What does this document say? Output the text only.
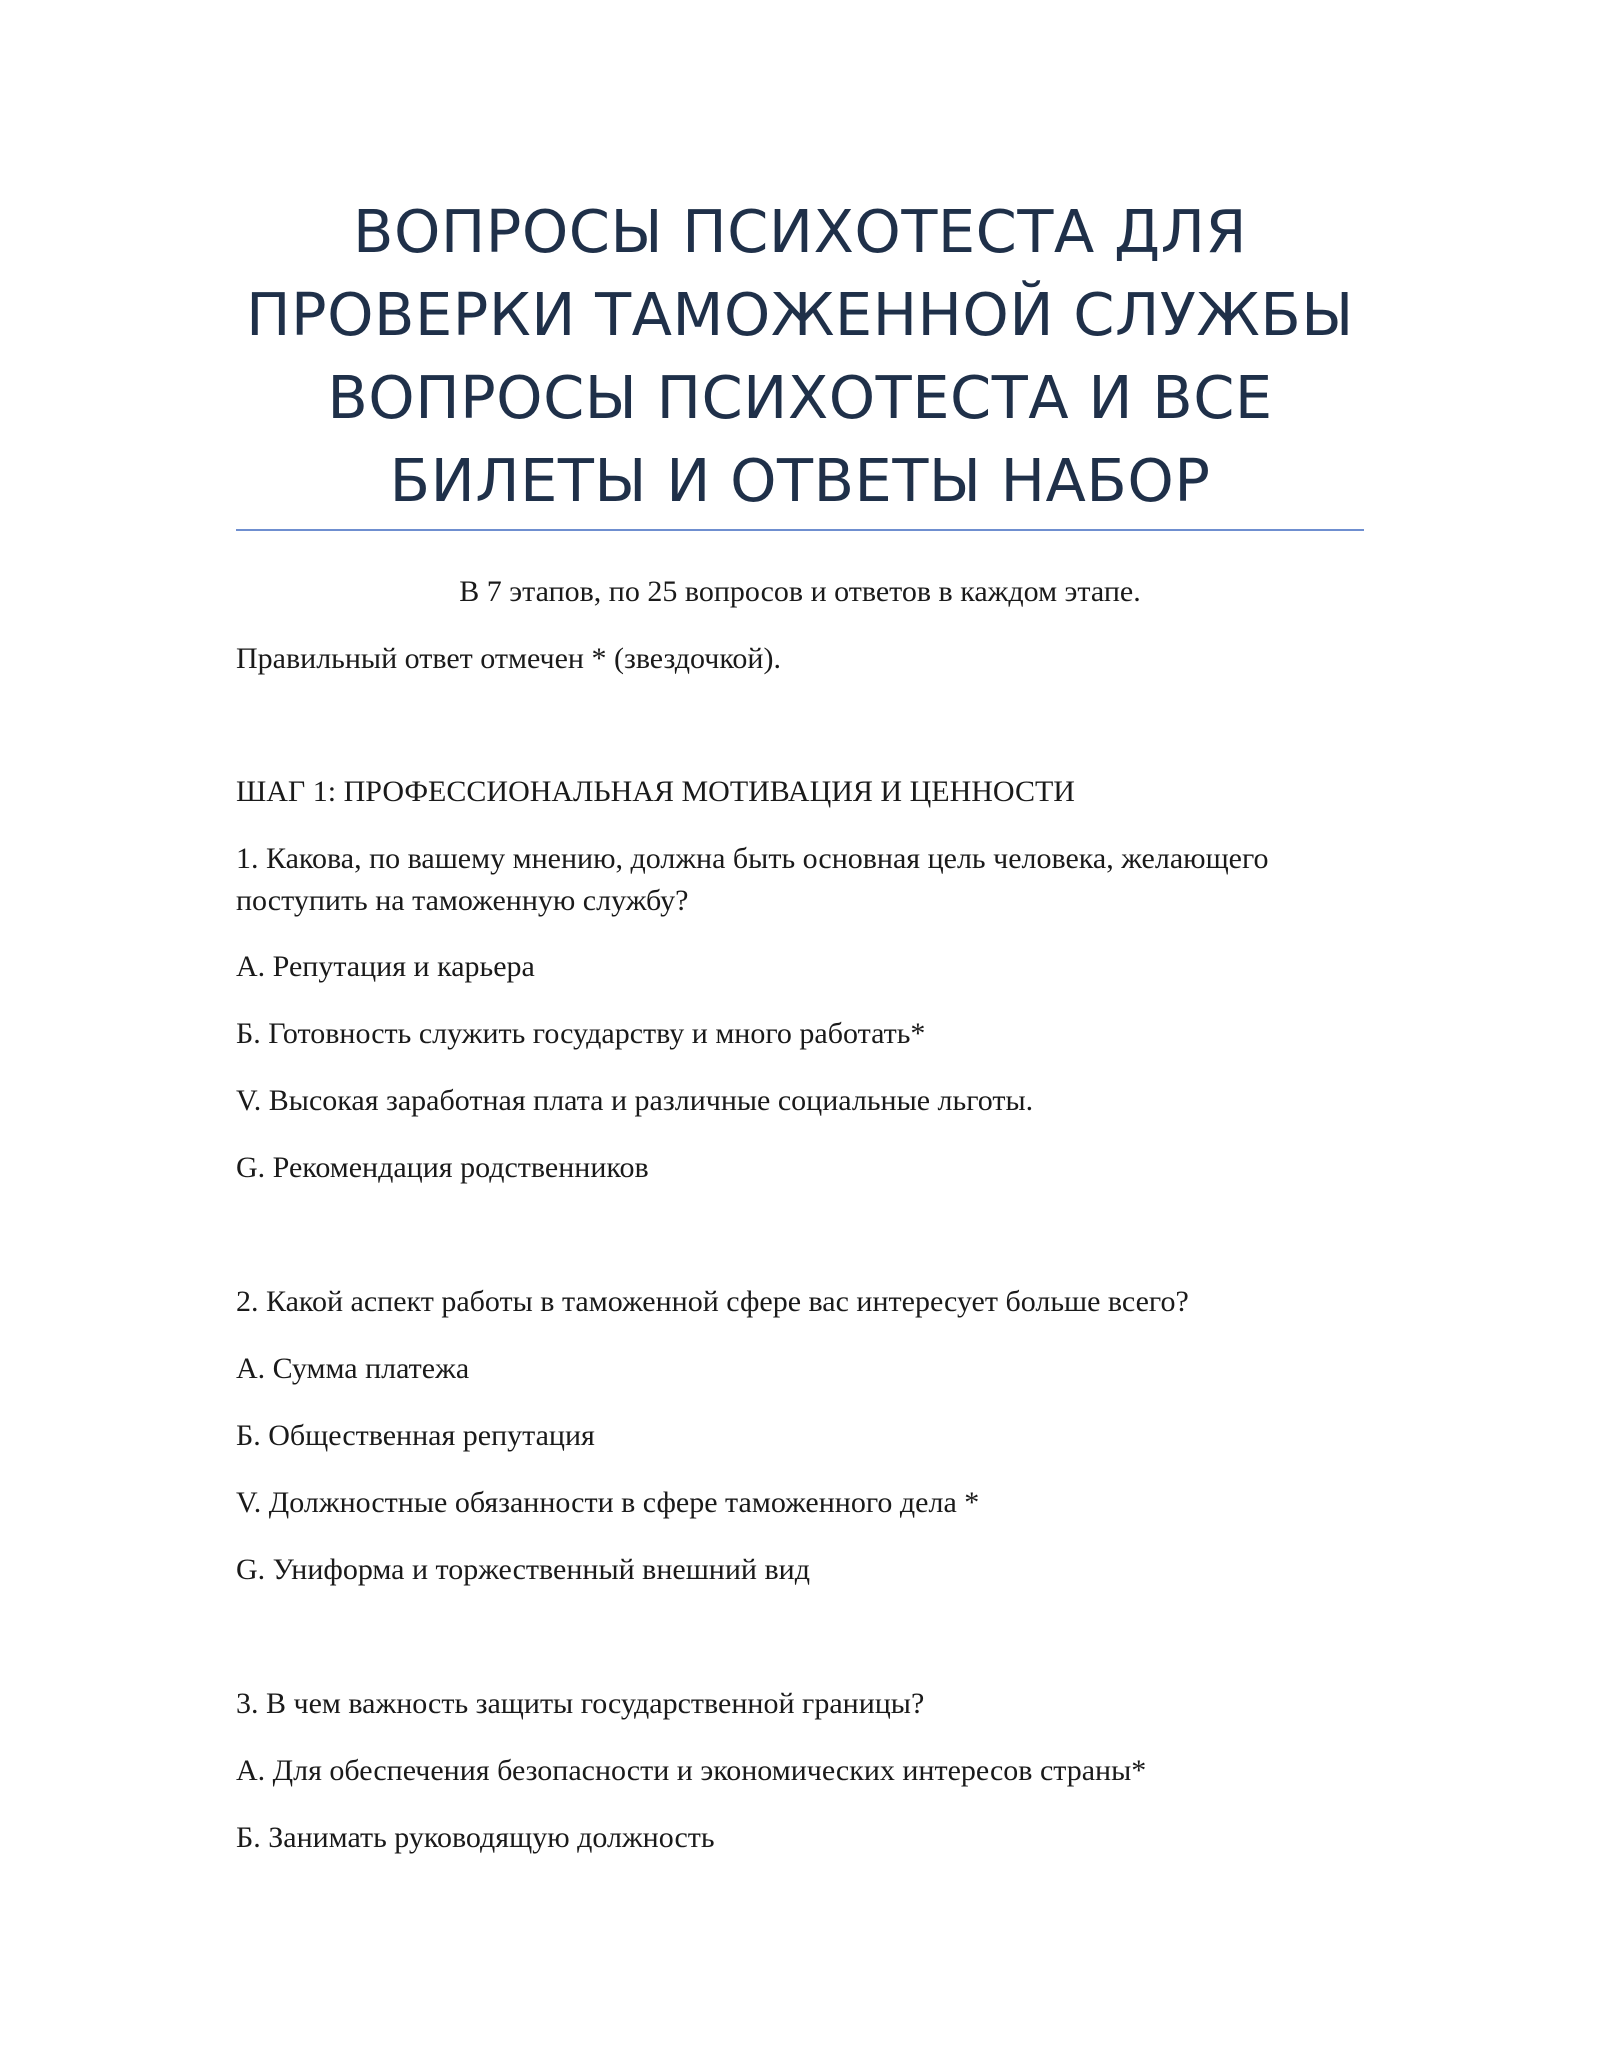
ВОПРОСЫ ПСИХОТЕСТА ДЛЯ
ПРОВЕРКИ ТАМОЖЕННОЙ СЛУЖБЫ
ВОПРОСЫ ПСИХОТЕСТА И ВСЕ
БИЛЕТЫ И ОТВЕТЫ НАБОР
В 7 этапов, по 25 вопросов и ответов в каждом этапе.
Правильный ответ отмечен * (звездочкой).
ШАГ 1: ПРОФЕССИОНАЛЬНАЯ МОТИВАЦИЯ И ЦЕННОСТИ
1. Какова, по вашему мнению, должна быть основная цель человека, желающего
поступить на таможенную службу?
А. Репутация и карьера
Б. Готовность служить государству и много работать*
V. Высокая заработная плата и различные социальные льготы.
G. Рекомендация родственников
2. Какой аспект работы в таможенной сфере вас интересует больше всего?
А. Сумма платежа
Б. Общественная репутация
V. Должностные обязанности в сфере таможенного дела *
G. Униформа и торжественный внешний вид
3. В чем важность защиты государственной границы?
А. Для обеспечения безопасности и экономических интересов страны*
Б. Занимать руководящую должность
